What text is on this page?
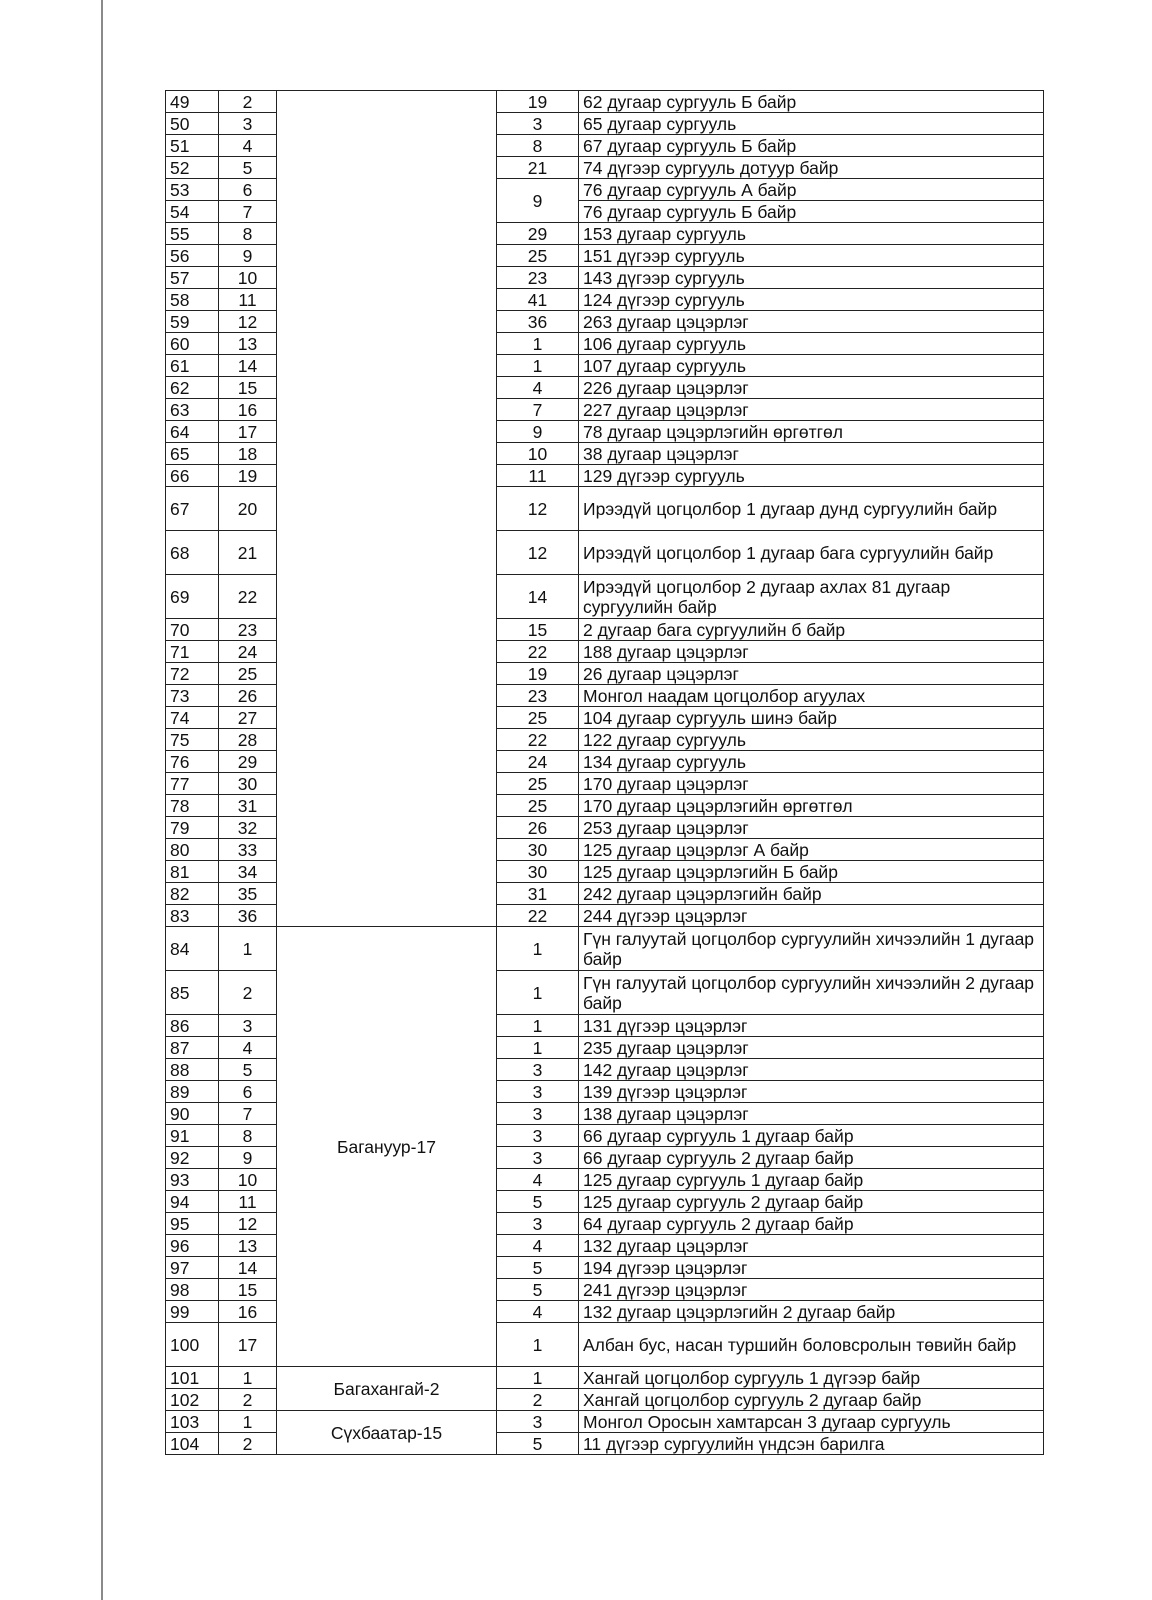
49	2		19	62 дугаар сургууль Б байр
50	3		3	65 дугаар сургууль
51	4		8	67 дугаар сургууль Б байр
52	5		21	74 дүгээр сургууль дотуур байр
53	6		9	76 дугаар сургууль А байр
54	7			76 дугаар сургууль Б байр
55	8		29	153 дугаар сургууль
56	9		25	151 дүгээр сургууль
57	10		23	143 дүгээр сургууль
58	11		41	124 дүгээр сургууль
59	12		36	263 дугаар цэцэрлэг
60	13		1	106 дугаар сургууль
61	14		1	107 дугаар сургууль
62	15		4	226 дугаар цэцэрлэг
63	16		7	227 дугаар цэцэрлэг
64	17		9	78 дугаар цэцэрлэгийн өргөтгөл
65	18		10	38 дугаар цэцэрлэг
66	19		11	129 дүгээр сургууль
67	20		12	Ирээдүй цогцолбор 1 дугаар дунд сургуулийн байр
68	21		12	Ирээдүй цогцолбор 1 дугаар бага сургуулийн байр
69	22		14	Ирээдүй цогцолбор 2 дугаар ахлах 81 дугаар сургуулийн байр
70	23		15	2 дугаар бага сургуулийн б байр
71	24		22	188 дугаар цэцэрлэг
72	25		19	26 дугаар цэцэрлэг
73	26		23	Монгол наадам цогцолбор агуулах
74	27		25	104 дугаар сургууль шинэ байр
75	28		22	122 дугаар сургууль
76	29		24	134 дугаар сургууль
77	30		25	170 дугаар цэцэрлэг
78	31		25	170 дугаар цэцэрлэгийн өргөтгөл
79	32		26	253 дугаар цэцэрлэг
80	33		30	125 дугаар цэцэрлэг А байр
81	34		30	125 дугаар цэцэрлэгийн Б байр
82	35		31	242 дугаар цэцэрлэгийн байр
83	36		22	244 дүгээр цэцэрлэг
84	1	Багануур-17	1	Гүн галуутай цогцолбор сургуулийн хичээлийн 1 дугаар байр
85	2		1	Гүн галуутай цогцолбор сургуулийн хичээлийн 2 дугаар байр
86	3		1	131 дүгээр цэцэрлэг
87	4		1	235 дугаар цэцэрлэг
88	5		3	142 дугаар цэцэрлэг
89	6		3	139 дүгээр цэцэрлэг
90	7		3	138 дугаар цэцэрлэг
91	8		3	66 дугаар сургууль 1 дугаар байр
92	9		3	66 дугаар сургууль 2 дугаар байр
93	10		4	125 дугаар сургууль 1 дугаар байр
94	11		5	125 дугаар сургууль 2 дугаар байр
95	12		3	64 дугаар сургууль 2 дугаар байр
96	13		4	132 дугаар цэцэрлэг
97	14		5	194 дүгээр цэцэрлэг
98	15		5	241 дүгээр цэцэрлэг
99	16		4	132 дугаар цэцэрлэгийн 2 дугаар байр
100	17		1	Албан бус, насан туршийн боловсролын төвийн байр
101	1	Багахангай-2	1	Хангай цогцолбор сургууль 1 дүгээр байр
102	2		2	Хангай цогцолбор сургууль 2 дугаар байр
103	1	Сүхбаатар-15	3	Монгол Оросын хамтарсан 3 дугаар сургууль
104	2		5	11 дүгээр сургуулийн үндсэн барилга
